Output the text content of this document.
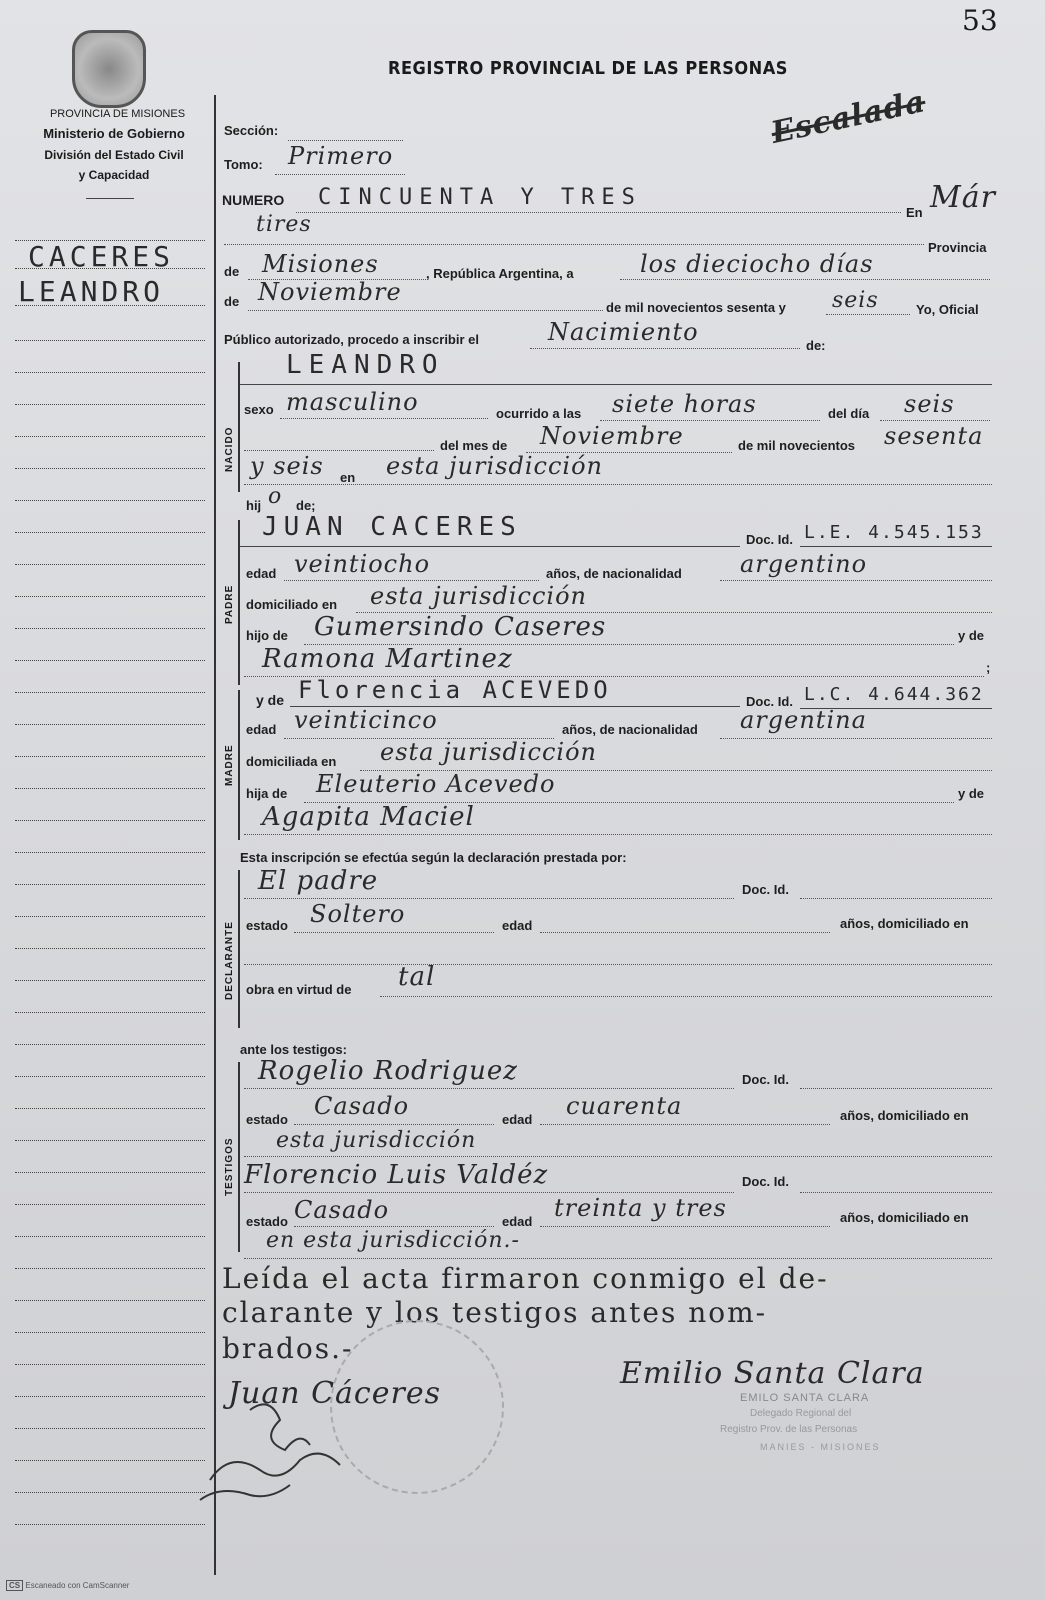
53
PROVINCIA DE MISIONES
Ministerio de Gobierno
División del Estado Civil
y Capacidad
CACERES
LEANDRO
REGISTRO PROVINCIAL DE LAS PERSONAS
Escalada
Sección:
Tomo: Primero
NUMERO CINCUENTA Y TRES
En Már
tires
Provincia
de Misiones	, República Argentina, a	los dieciocho días
de Noviembre
de mil novecientos sesenta y seis	Yo, Oficial
Público autorizado, procedo a inscribir el	Nacimiento	de:
NACIDO
LEANDRO
sexo masculino	ocurrido a las siete horas	del día seis
del mes de Noviembre	de mil novecientos sesenta
y seis en esta jurisdicción
hij o de;
PADRE
JUAN CACERES	Doc. Id. L.E. 4.545.153
edad veintiocho	años, de nacionalidad argentino
domiciliado en esta jurisdicción
hijo de Gumersindo Caseres	y de
Ramona Martinez	;
MADRE
y de Florencia ACEVEDO	Doc. Id. L.C. 4.644.362
edad veinticinco	años, de nacionalidad argentina
domiciliada en esta jurisdicción
hija de Eleuterio Acevedo	y de
Agapita Maciel
Esta inscripción se efectúa según la declaración prestada por:
DECLARANTE
El padre	Doc. Id.
estado Soltero	edad	años, domiciliado en
obra en virtud de tal
ante los testigos:
TESTIGOS
Rogelio Rodriguez	Doc. Id.
estado Casado	edad cuarenta	años, domiciliado en
esta jurisdicción
Florencio Luis Valdéz	Doc. Id.
estado Casado	edad treinta y tres	años, domiciliado en
en esta jurisdicción.-
Leída el acta firmaron conmigo el de-
clarante y los testigos antes nom-
brados.-
Juan Cáceres
Emilio Santa Clara
EMILO SANTA CLARA
Delegado Regional del
Registro Prov. de las Personas
MANIES - MISIONES
CS Escaneado con CamScanner
